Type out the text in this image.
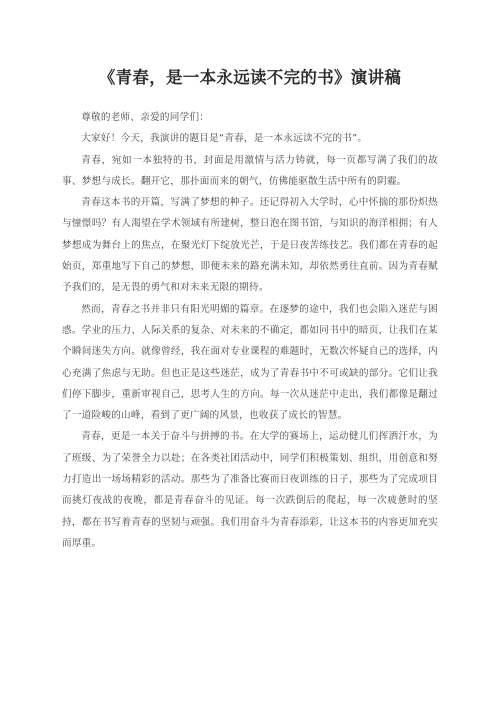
《青春，是一本永远读不完的书》演讲稿

尊敬的老师、亲爱的同学们：

大家好！今天，我演讲的题目是“青春，是一本永远读不完的书”。

青春，宛如一本独特的书，封面是用激情与活力铸就，每一页都写满了我们的故事、梦想与成长。翻开它，那扑面而来的朝气，仿佛能驱散生活中所有的阴霾。

青春这本书的开篇，写满了梦想的种子。还记得初入大学时，心中怀揣的那份炽热与憧憬吗？有人渴望在学术领域有所建树，整日泡在图书馆，与知识的海洋相拥；有人梦想成为舞台上的焦点，在聚光灯下绽放光芒，于是日夜苦练技艺。我们都在青春的起始页，郑重地写下自己的梦想，即便未来的路充满未知，却依然勇往直前。因为青春赋予我们的，是无畏的勇气和对未来无限的期待。

然而，青春之书并非只有阳光明媚的篇章。在逐梦的途中，我们也会陷入迷茫与困惑。学业的压力、人际关系的复杂、对未来的不确定，都如同书中的暗页，让我们在某个瞬间迷失方向。就像曾经，我在面对专业课程的难题时，无数次怀疑自己的选择，内心充满了焦虑与无助。但也正是这些迷茫，成为了青春书中不可或缺的部分。它们让我们停下脚步，重新审视自己，思考人生的方向。每一次从迷茫中走出，我们都像是翻过了一道险峻的山峰，看到了更广阔的风景，也收获了成长的智慧。

青春，更是一本关于奋斗与拼搏的书。在大学的赛场上，运动健儿们挥洒汗水，为了班级、为了荣誉全力以赴；在各类社团活动中，同学们积极策划、组织，用创意和努力打造出一场场精彩的活动。那些为了准备比赛而日夜训练的日子，那些为了完成项目而挑灯夜战的夜晚，都是青春奋斗的见证。每一次跌倒后的爬起，每一次疲惫时的坚持，都在书写着青春的坚韧与顽强。我们用奋斗为青春添彩，让这本书的内容更加充实而厚重。
